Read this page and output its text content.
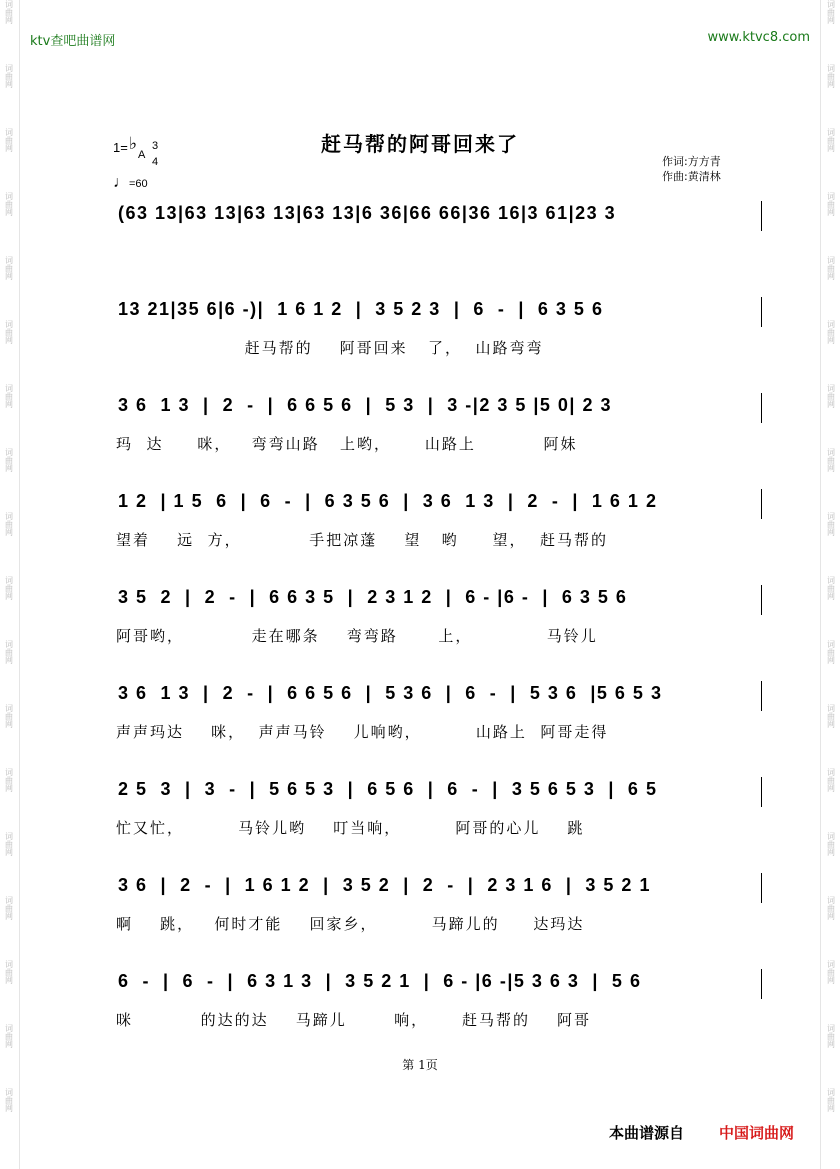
词曲网
词曲网
词曲网
词曲网
词曲网
词曲网
词曲网
词曲网
词曲网
词曲网
词曲网
词曲网
词曲网
词曲网
词曲网
词曲网
词曲网
词曲网
词曲网
词曲网
词曲网
词曲网
词曲网
词曲网
词曲网
词曲网
词曲网
词曲网
词曲网
词曲网
词曲网
词曲网
词曲网
词曲网
词曲网
词曲网
ktv查吧曲谱网	www.ktvc8.com
1= ♭
A
3
4
♩=60
赶马帮的阿哥回来了
作词:方方青
作曲:黄清林
(63 13|63 13|63 13|63 13|6 36|66 66|36 16|3 61|23 3
13 21|35 6|6 -)|  1 6 1 2  |  3 5 2 3  |  6  -  |  6 3 5 6
赶马帮的    阿哥回来   了，  山路弯弯
3 6  1 3  |  2  -  |  6 6 5 6  |  5 3  |  3 -|2 3 5 |5 0| 2 3
玛  达     咪，   弯弯山路   上哟，     山路上          阿妹
1 2  | 1 5  6  |  6  -  |  6 3 5 6  |  3 6  1 3  |  2  -  |  1 6 1 2
望着    远  方，          手把凉蓬    望   哟     望，  赶马帮的
3 5  2  |  2  -  |  6 6 3 5  |  2 3 1 2  |  6 - |6 -  |  6 3 5 6
阿哥哟，          走在哪条    弯弯路      上，           马铃儿
3 6  1 3  |  2  -  |  6 6 5 6  |  5 3 6  |  6  -  |  5 3 6  |5 6 5 3
声声玛达    咪，  声声马铃    儿响哟，        山路上  阿哥走得
2 5  3  |  3  -  |  5 6 5 3  |  6 5 6  |  6  -  |  3 5 6 5 3  |  6 5
忙又忙，        马铃儿哟    叮当响，        阿哥的心儿    跳
3 6  |  2  -  |  1 6 1 2  |  3 5 2  |  2  -  |  2 3 1 6  |  3 5 2 1
啊    跳，   何时才能    回家乡，        马蹄儿的     达玛达
6  -  |  6  -  |  6 3 1 3  |  3 5 2 1  |  6 - |6 -|5 3 6 3  |  5 6
咪          的达的达    马蹄儿       响，     赶马帮的    阿哥
第 1页
本曲谱源自 中国词曲网
